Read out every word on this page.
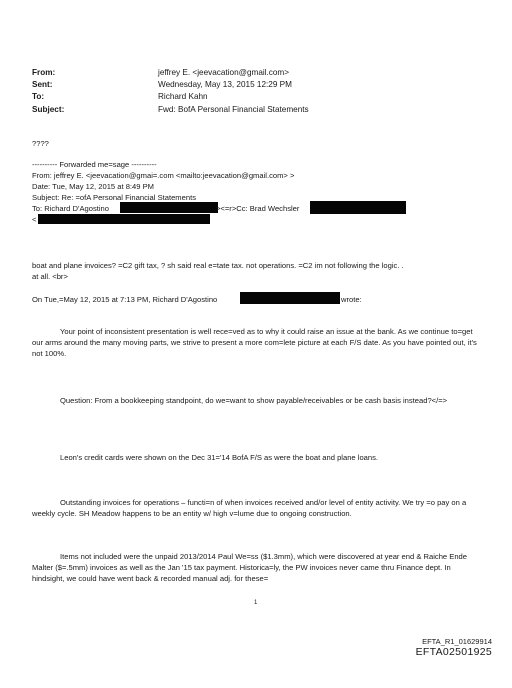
From:	jeffrey E. <jeevacation@gmail.com>
Sent:	Wednesday, May 13, 2015 12:29 PM
To:	Richard Kahn
Subject:	Fwd: BofA Personal Financial Statements
????
---------- Forwarded me=sage ----------
From: jeffrey E. <jeevacation@gmai=.com <mailto:jeevacation@gmail.com> >
Date: Tue, May 12, 2015 at 8:49 PM
Subject: Re: =ofA Personal Financial Statements
To: Richard D'Agostino	><=r>Cc: Brad Wechsler
<
boat and plane invoices? =C2 gift tax, ? sh said real e=tate tax. not operations. =C2 im not following the logic. .
at all. <br>
On Tue,=May 12, 2015 at 7:13 PM, Richard D'Agostino	wrote:
Your point of inconsistent presentation is well rece=ved as to why it could raise an issue at the bank. As we continue to=get our arms around the many moving parts, we strive to present a more com=lete picture at each F/S date. As you have pointed out, it's not 100%.
Question: From a bookkeeping standpoint, do we=want to show payable/receivables or be cash basis instead?</=>
Leon's credit cards were shown on the Dec 31='14 BofA F/S as were the boat and plane loans.
Outstanding invoices for operations – functi=n of when invoices received and/or level of entity activity. We try =o pay on a weekly cycle. SH Meadow happens to be an entity w/ high v=lume due to ongoing construction.
Items not included were the unpaid 2013/2014 Paul We=ss ($1.3mm), which were discovered at year end & Raiche Ende Malter ($=.5mm) invoices as well as the Jan '15 tax payment. Historica=ly, the PW invoices never came thru Finance dept. In hindsight, we could have went back & recorded manual adj. for these=
1
EFTA_R1_01629914
EFTA02501925
